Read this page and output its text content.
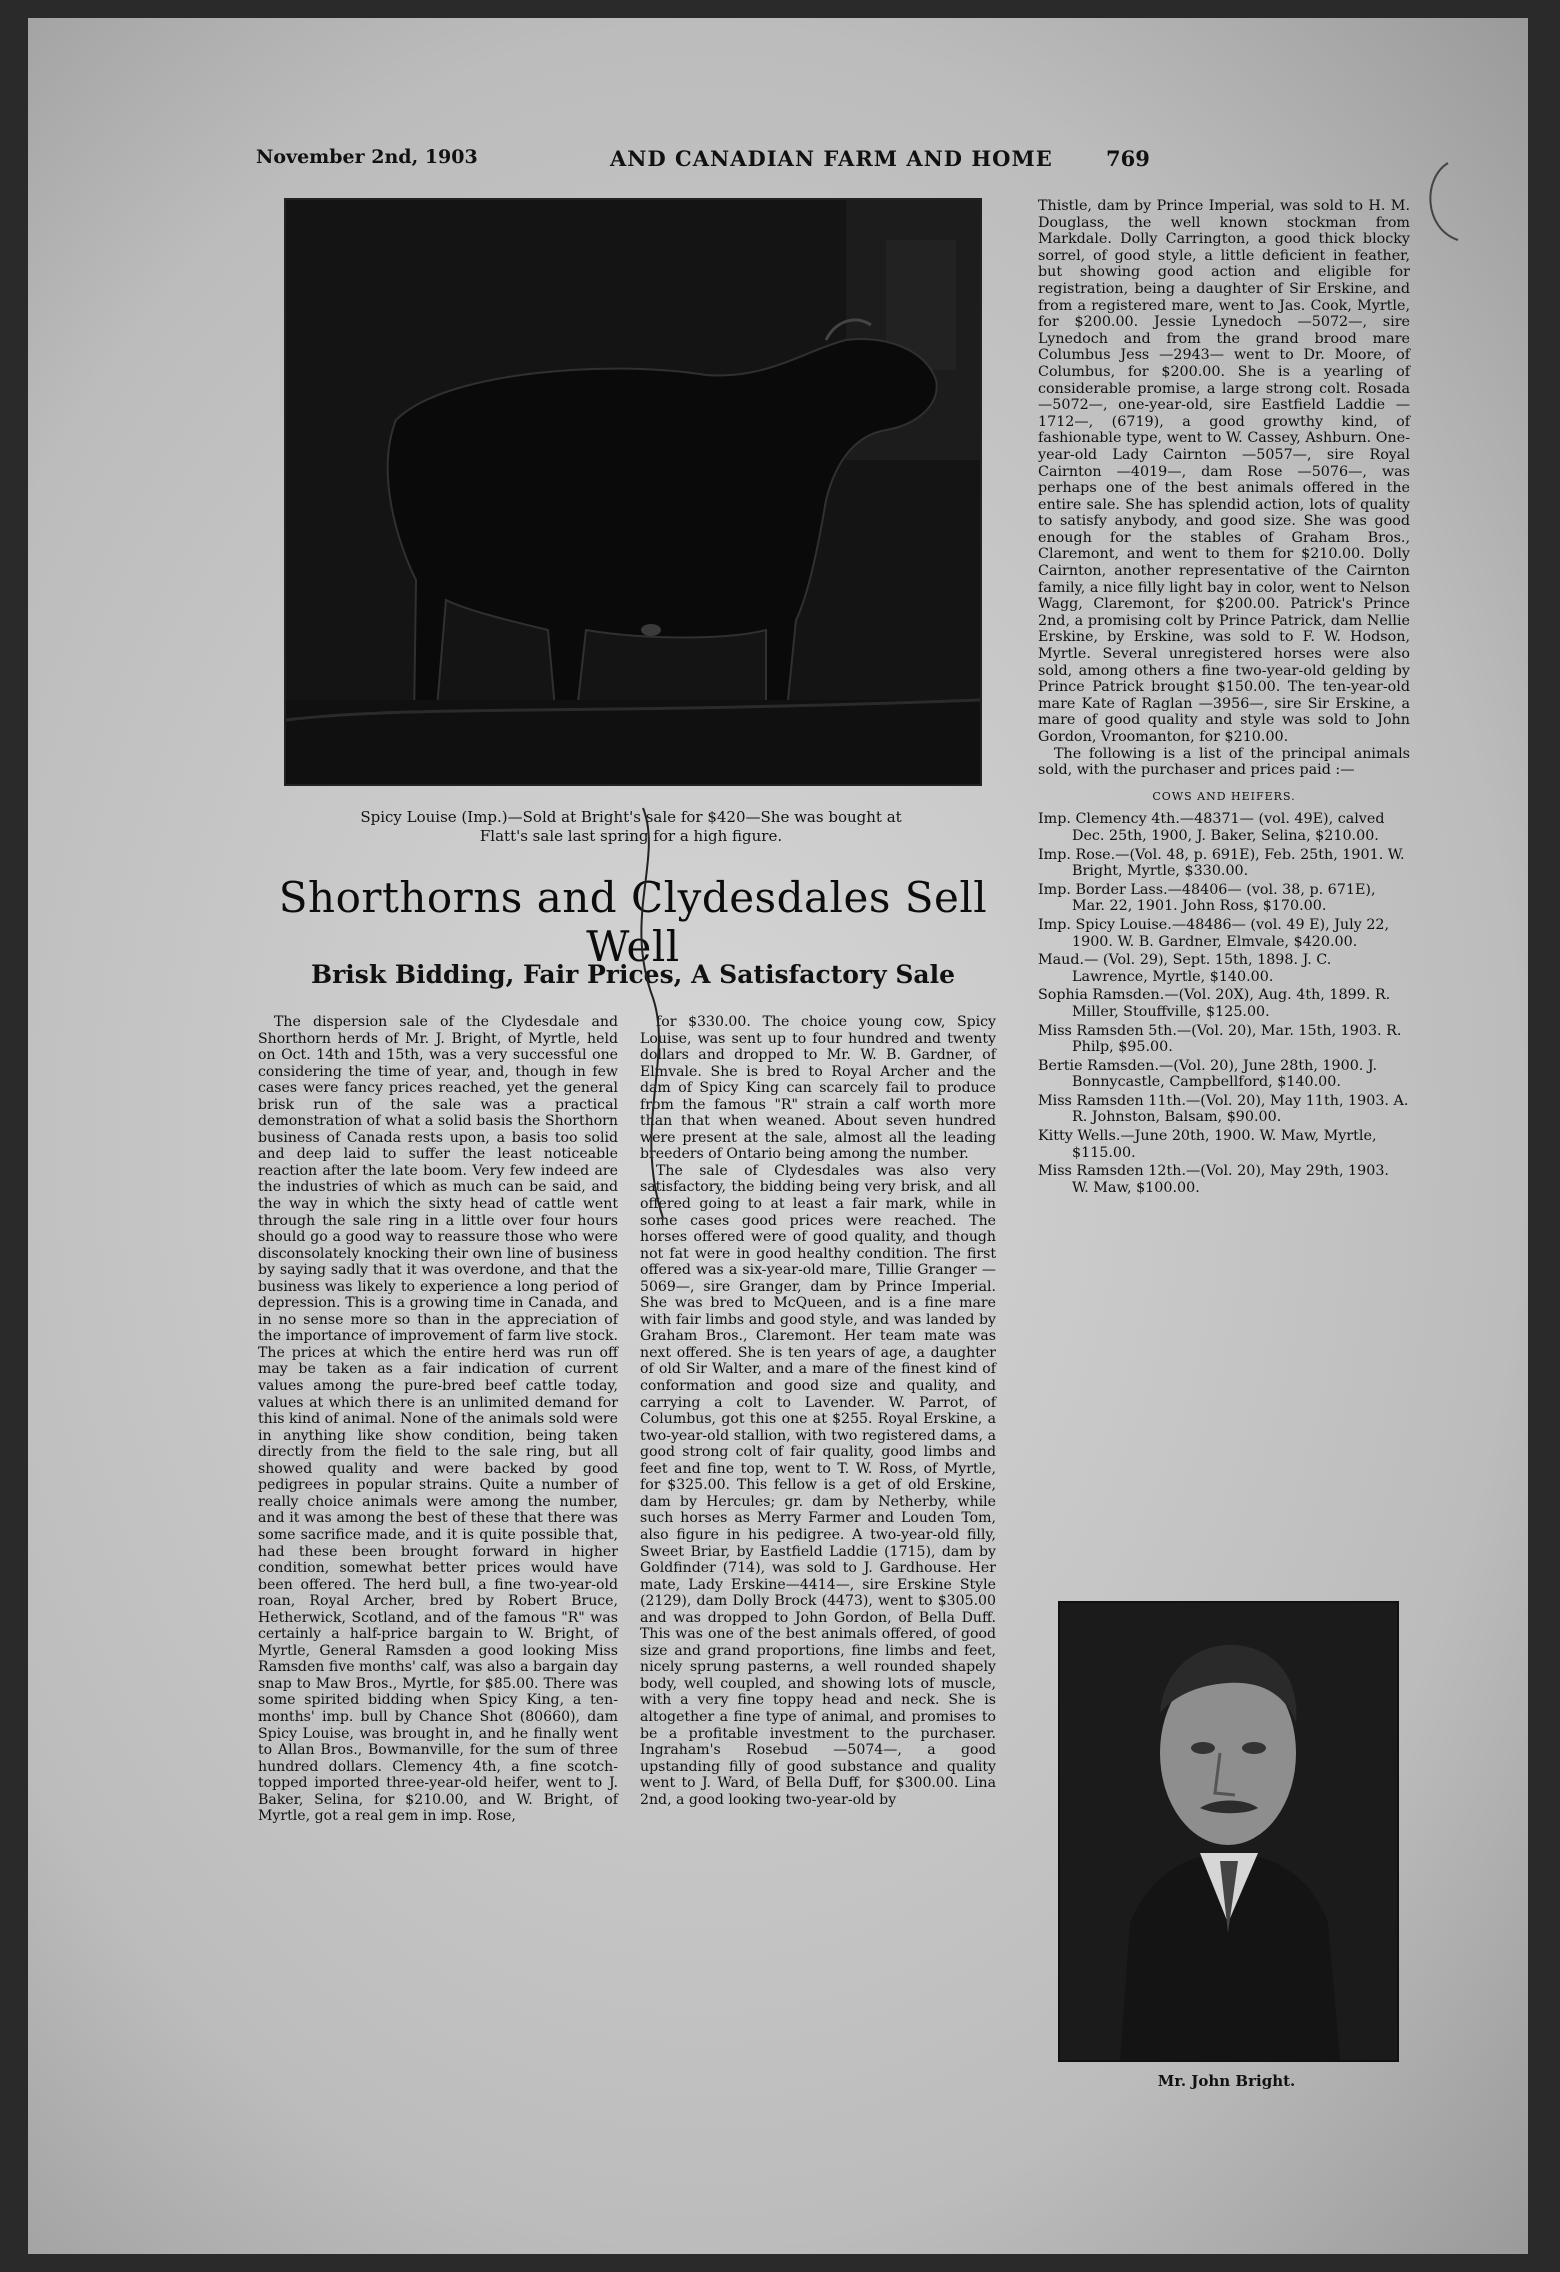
November 2nd, 1903	AND CANADIAN FARM AND HOME	769
Spicy Louise (Imp.)—Sold at Bright's sale for $420—She was bought at
Flatt's sale last spring for a high figure.
Shorthorns and Clydesdales Sell Well
Brisk Bidding, Fair Prices, A Satisfactory Sale

The dispersion sale of the Clydesdale and Shorthorn herds of Mr. J. Bright, of Myrtle, held on Oct. 14th and 15th, was a very successful one considering the time of year, and, though in few cases were fancy prices reached, yet the general brisk run of the sale was a practical demonstration of what a solid basis the Shorthorn business of Canada rests upon, a basis too solid and deep laid to suffer the least noticeable reaction after the late boom. Very few indeed are the industries of which as much can be said, and the way in which the sixty head of cattle went through the sale ring in a little over four hours should go a good way to reassure those who were disconsolately knocking their own line of business by saying sadly that it was overdone, and that the business was likely to experience a long period of depression. This is a growing time in Canada, and in no sense more so than in the appreciation of the importance of improvement of farm live stock. The prices at which the entire herd was run off may be taken as a fair indication of current values among the pure-bred beef cattle today, values at which there is an unlimited demand for this kind of animal. None of the animals sold were in anything like show condition, being taken directly from the field to the sale ring, but all showed quality and were backed by good pedigrees in popular strains. Quite a number of really choice animals were among the number, and it was among the best of these that there was some sacrifice made, and it is quite possible that, had these been brought forward in higher condition, somewhat better prices would have been offered. The herd bull, a fine two-year-old roan, Royal Archer, bred by Robert Bruce, Hetherwick, Scotland, and of the famous "R" was certainly a half-price bargain to W. Bright, of Myrtle, General Ramsden a good looking Miss Ramsden five months' calf, was also a bargain day snap to Maw Bros., Myrtle, for $85.00. There was some spirited bidding when Spicy King, a ten-months' imp. bull by Chance Shot (80660), dam Spicy Louise, was brought in, and he finally went to Allan Bros., Bowmanville, for the sum of three hundred dollars. Clemency 4th, a fine scotch-topped imported three-year-old heifer, went to J. Baker, Selina, for $210.00, and W. Bright, of Myrtle, got a real gem in imp. Rose,

for $330.00. The choice young cow, Spicy Louise, was sent up to four hundred and twenty dollars and dropped to Mr. W. B. Gardner, of Elmvale. She is bred to Royal Archer and the dam of Spicy King can scarcely fail to produce from the famous "R" strain a calf worth more than that when weaned. About seven hundred were present at the sale, almost all the leading breeders of Ontario being among the number.

The sale of Clydesdales was also very satisfactory, the bidding being very brisk, and all offered going to at least a fair mark, while in some cases good prices were reached. The horses offered were of good quality, and though not fat were in good healthy condition. The first offered was a six-year-old mare, Tillie Granger —5069—, sire Granger, dam by Prince Imperial. She was bred to McQueen, and is a fine mare with fair limbs and good style, and was landed by Graham Bros., Claremont. Her team mate was next offered. She is ten years of age, a daughter of old Sir Walter, and a mare of the finest kind of conformation and good size and quality, and carrying a colt to Lavender. W. Parrot, of Columbus, got this one at $255. Royal Erskine, a two-year-old stallion, with two registered dams, a good strong colt of fair quality, good limbs and feet and fine top, went to T. W. Ross, of Myrtle, for $325.00. This fellow is a get of old Erskine, dam by Hercules; gr. dam by Netherby, while such horses as Merry Farmer and Louden Tom, also figure in his pedigree. A two-year-old filly, Sweet Briar, by Eastfield Laddie (1715), dam by Goldfinder (714), was sold to J. Gardhouse. Her mate, Lady Erskine—4414—, sire Erskine Style (2129), dam Dolly Brock (4473), went to $305.00 and was dropped to John Gordon, of Bella Duff. This was one of the best animals offered, of good size and grand proportions, fine limbs and feet, nicely sprung pasterns, a well rounded shapely body, well coupled, and showing lots of muscle, with a very fine toppy head and neck. She is altogether a fine type of animal, and promises to be a profitable investment to the purchaser. Ingraham's Rosebud —5074—, a good upstanding filly of good substance and quality went to J. Ward, of Bella Duff, for $300.00. Lina 2nd, a good looking two-year-old by

Thistle, dam by Prince Imperial, was sold to H. M. Douglass, the well known stockman from Markdale. Dolly Carrington, a good thick blocky sorrel, of good style, a little deficient in feather, but showing good action and eligible for registration, being a daughter of Sir Erskine, and from a registered mare, went to Jas. Cook, Myrtle, for $200.00. Jessie Lynedoch —5072—, sire Lynedoch and from the grand brood mare Columbus Jess —2943— went to Dr. Moore, of Columbus, for $200.00. She is a yearling of considerable promise, a large strong colt. Rosada —5072—, one-year-old, sire Eastfield Laddie —1712—, (6719), a good growthy kind, of fashionable type, went to W. Cassey, Ashburn. One-year-old Lady Cairnton —5057—, sire Royal Cairnton —4019—, dam Rose —5076—, was perhaps one of the best animals offered in the entire sale. She has splendid action, lots of quality to satisfy anybody, and good size. She was good enough for the stables of Graham Bros., Claremont, and went to them for $210.00. Dolly Cairnton, another representative of the Cairnton family, a nice filly light bay in color, went to Nelson Wagg, Claremont, for $200.00. Patrick's Prince 2nd, a promising colt by Prince Patrick, dam Nellie Erskine, by Erskine, was sold to F. W. Hodson, Myrtle. Several unregistered horses were also sold, among others a fine two-year-old gelding by Prince Patrick brought $150.00. The ten-year-old mare Kate of Raglan —3956—, sire Sir Erskine, a mare of good quality and style was sold to John Gordon, Vroomanton, for $210.00.

The following is a list of the principal animals sold, with the purchaser and prices paid :—

COWS AND HEIFERS.
Imp. Clemency 4th.—48371— (vol. 49E), calved Dec. 25th, 1900, J. Baker, Selina, $210.00.
Imp. Rose.—(Vol. 48, p. 691E), Feb. 25th, 1901. W. Bright, Myrtle, $330.00.
Imp. Border Lass.—48406— (vol. 38, p. 671E), Mar. 22, 1901. John Ross, $170.00.
Imp. Spicy Louise.—48486— (vol. 49 E), July 22, 1900. W. B. Gardner, Elmvale, $420.00.
Maud.— (Vol. 29), Sept. 15th, 1898. J. C. Lawrence, Myrtle, $140.00.
Sophia Ramsden.—(Vol. 20X), Aug. 4th, 1899. R. Miller, Stouffville, $125.00.
Miss Ramsden 5th.—(Vol. 20), Mar. 15th, 1903. R. Philp, $95.00.
Bertie Ramsden.—(Vol. 20), June 28th, 1900. J. Bonnycastle, Campbellford, $140.00.
Miss Ramsden 11th.—(Vol. 20), May 11th, 1903. A. R. Johnston, Balsam, $90.00.
Kitty Wells.—June 20th, 1900. W. Maw, Myrtle, $115.00.
Miss Ramsden 12th.—(Vol. 20), May 29th, 1903. W. Maw, $100.00.
Mr. John Bright.
